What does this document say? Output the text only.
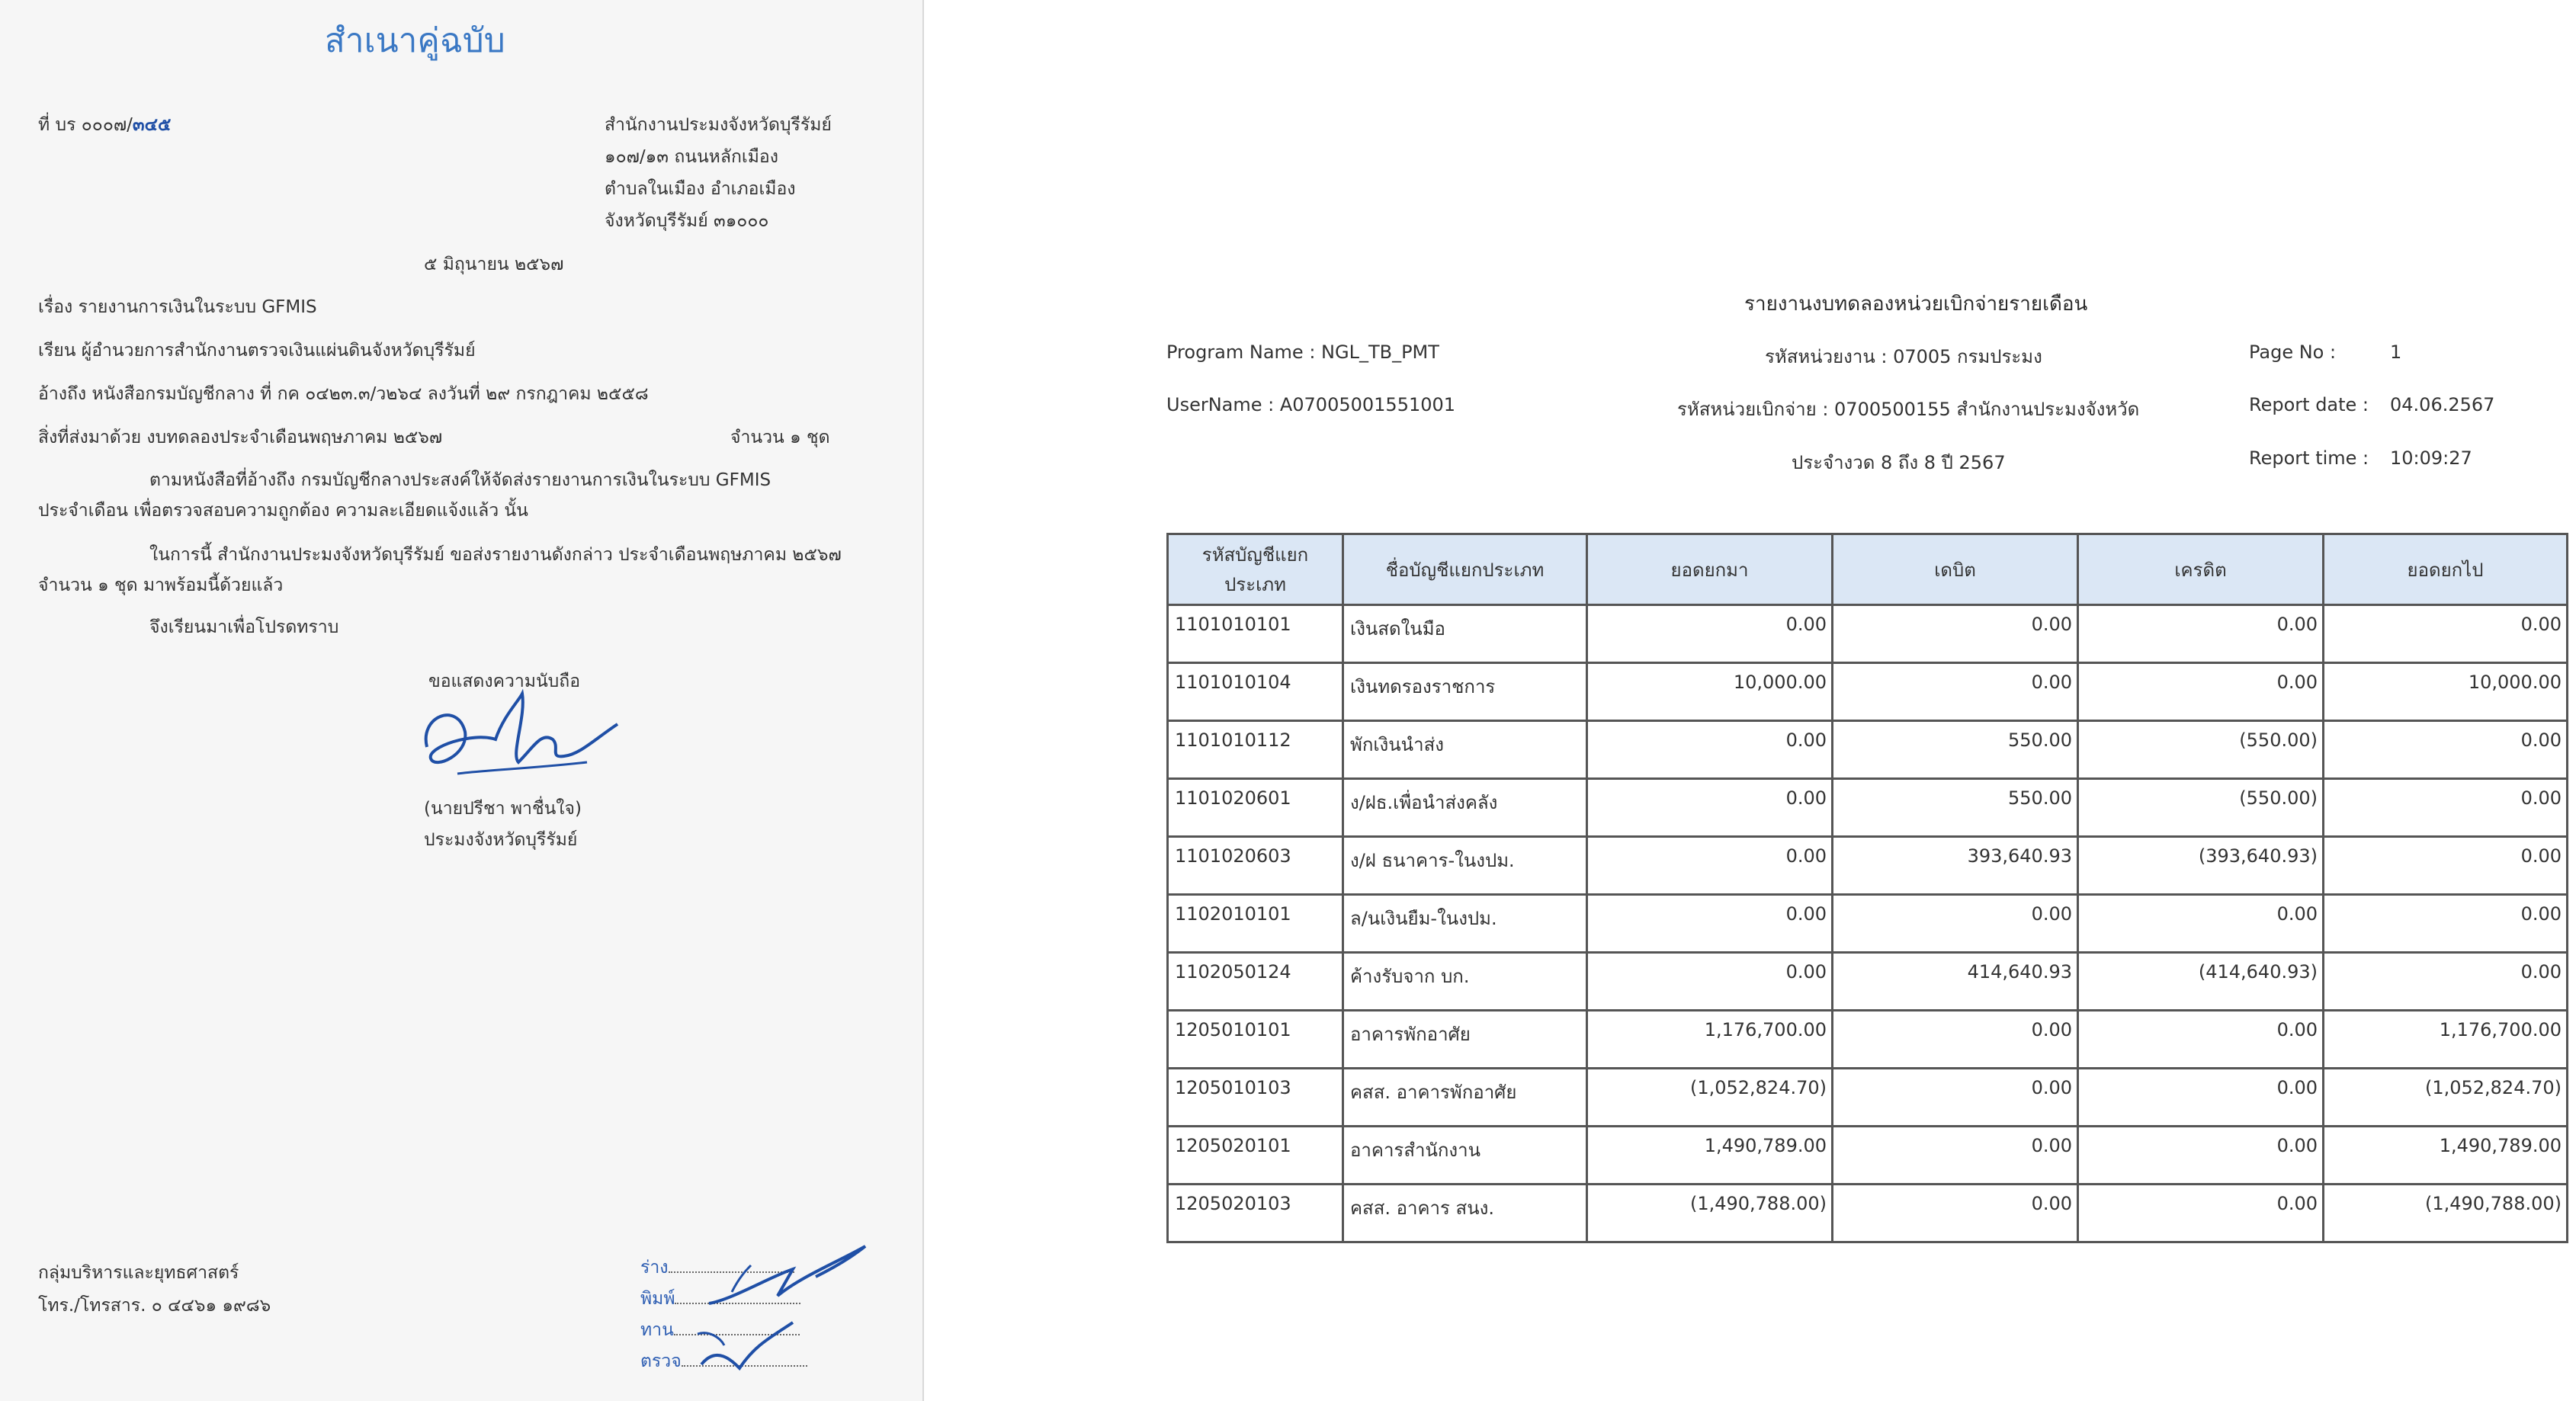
สำเนาคู่ฉบับ
ที่ บร ๐๐๐๗/๓๔๕	สำนักงานประมงจังหวัดบุรีรัมย์
๑๐๗/๑๓ ถนนหลักเมือง
ตำบลในเมือง อำเภอเมือง
จังหวัดบุรีรัมย์ ๓๑๐๐๐
๕ มิถุนายน ๒๕๖๗
เรื่อง รายงานการเงินในระบบ GFMIS
เรียน ผู้อำนวยการสำนักงานตรวจเงินแผ่นดินจังหวัดบุรีรัมย์
อ้างถึง หนังสือกรมบัญชีกลาง ที่ กค ๐๔๒๓.๓/ว๒๖๔ ลงวันที่ ๒๙ กรกฎาคม ๒๕๕๘
สิ่งที่ส่งมาด้วย งบทดลองประจำเดือนพฤษภาคม ๒๕๖๗	จำนวน ๑ ชุด
ตามหนังสือที่อ้างถึง กรมบัญชีกลางประสงค์ให้จัดส่งรายงานการเงินในระบบ GFMIS
ประจำเดือน เพื่อตรวจสอบความถูกต้อง ความละเอียดแจ้งแล้ว นั้น
ในการนี้ สำนักงานประมงจังหวัดบุรีรัมย์ ขอส่งรายงานดังกล่าว ประจำเดือนพฤษภาคม ๒๕๖๗
จำนวน ๑ ชุด มาพร้อมนี้ด้วยแล้ว
จึงเรียนมาเพื่อโปรดทราบ
ขอแสดงความนับถือ
(นายปรีชา พาชื่นใจ)
ประมงจังหวัดบุรีรัมย์
กลุ่มบริหารและยุทธศาสตร์
โทร./โทรสาร. ๐ ๔๔๖๑ ๑๙๘๖
ร่าง
พิมพ์
ทาน
ตรวจ
รายงานงบทดลองหน่วยเบิกจ่ายรายเดือน
Program Name : NGL_TB_PMT
UserName : A07005001551001
รหัสหน่วยงาน : 07005 กรมประมง
รหัสหน่วยเบิกจ่าย : 0700500155 สำนักงานประมงจังหวัด
ประจำงวด 8 ถึง 8 ปี 2567
Page No :	1
Report date : 04.06.2567
Report time : 10:09:27
รหัสบัญชีแยกประเภท	ชื่อบัญชีแยกประเภท	ยอดยกมา	เดบิต	เครดิต	ยอดยกไป
1101010101	เงินสดในมือ	0.00	0.00	0.00	0.00
1101010104	เงินทดรองราชการ	10,000.00	0.00	0.00	10,000.00
1101010112	พักเงินนำส่ง	0.00	550.00	(550.00)	0.00
1101020601	ง/ฝธ.เพื่อนำส่งคลัง	0.00	550.00	(550.00)	0.00
1101020603	ง/ฝ ธนาคาร-ในงปม.	0.00	393,640.93	(393,640.93)	0.00
1102010101	ล/นเงินยืม-ในงปม.	0.00	0.00	0.00	0.00
1102050124	ค้างรับจาก บก.	0.00	414,640.93	(414,640.93)	0.00
1205010101	อาคารพักอาศัย	1,176,700.00	0.00	0.00	1,176,700.00
1205010103	คสส. อาคารพักอาศัย	(1,052,824.70)	0.00	0.00	(1,052,824.70)
1205020101	อาคารสำนักงาน	1,490,789.00	0.00	0.00	1,490,789.00
1205020103	คสส. อาคาร สนง.	(1,490,788.00)	0.00	0.00	(1,490,788.00)
